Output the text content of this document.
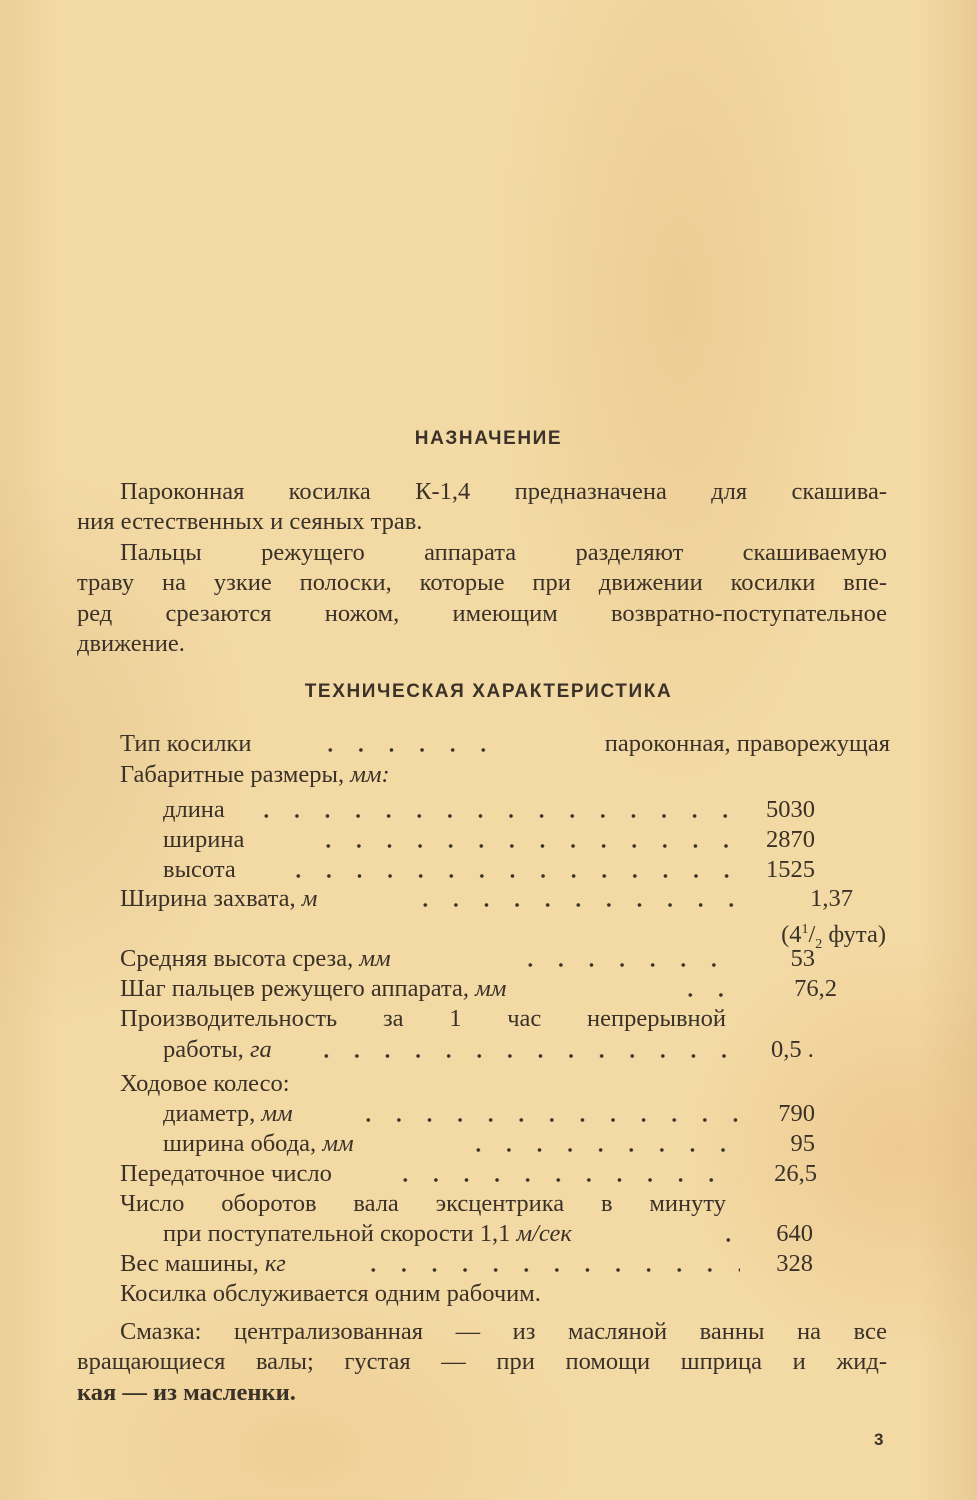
НАЗНАЧЕНИЕ
Пароконная косилка К-1,4 предназначена для скашива-
ния естественных и сеяных трав.
Пальцы режущего аппарата разделяют скашиваемую
траву на узкие полоски, которые при движении косилки впе-
ред срезаются ножом, имеющим возвратно-поступательное
движение.
ТЕХНИЧЕСКАЯ ХАРАКТЕРИСТИКА
Тип косилки	пароконная, праворежущая
Габаритные размеры, мм:
длина	5030
ширина	2870
высота	1525
Ширина захвата, м	1,37
($4^1/_2$ фута)
Средняя высота среза, мм	53
Шаг пальцев режущего аппарата, мм	76,2
Производительность за 1 час непрерывной
работы, га	0,5 .
Ходовое колесо:
диаметр, мм	790
ширина обода, мм	95
Передаточное число	26,5
Число оборотов вала эксцентрика в минуту
при поступательной скорости 1,1 м/сек	640
Вес машины, кг	328
Косилка обслуживается одним рабочим.
Смазка: централизованная — из масляной ванны на все
вращающиеся валы; густая — при помощи шприца и жид-
кая — из масленки.
3
